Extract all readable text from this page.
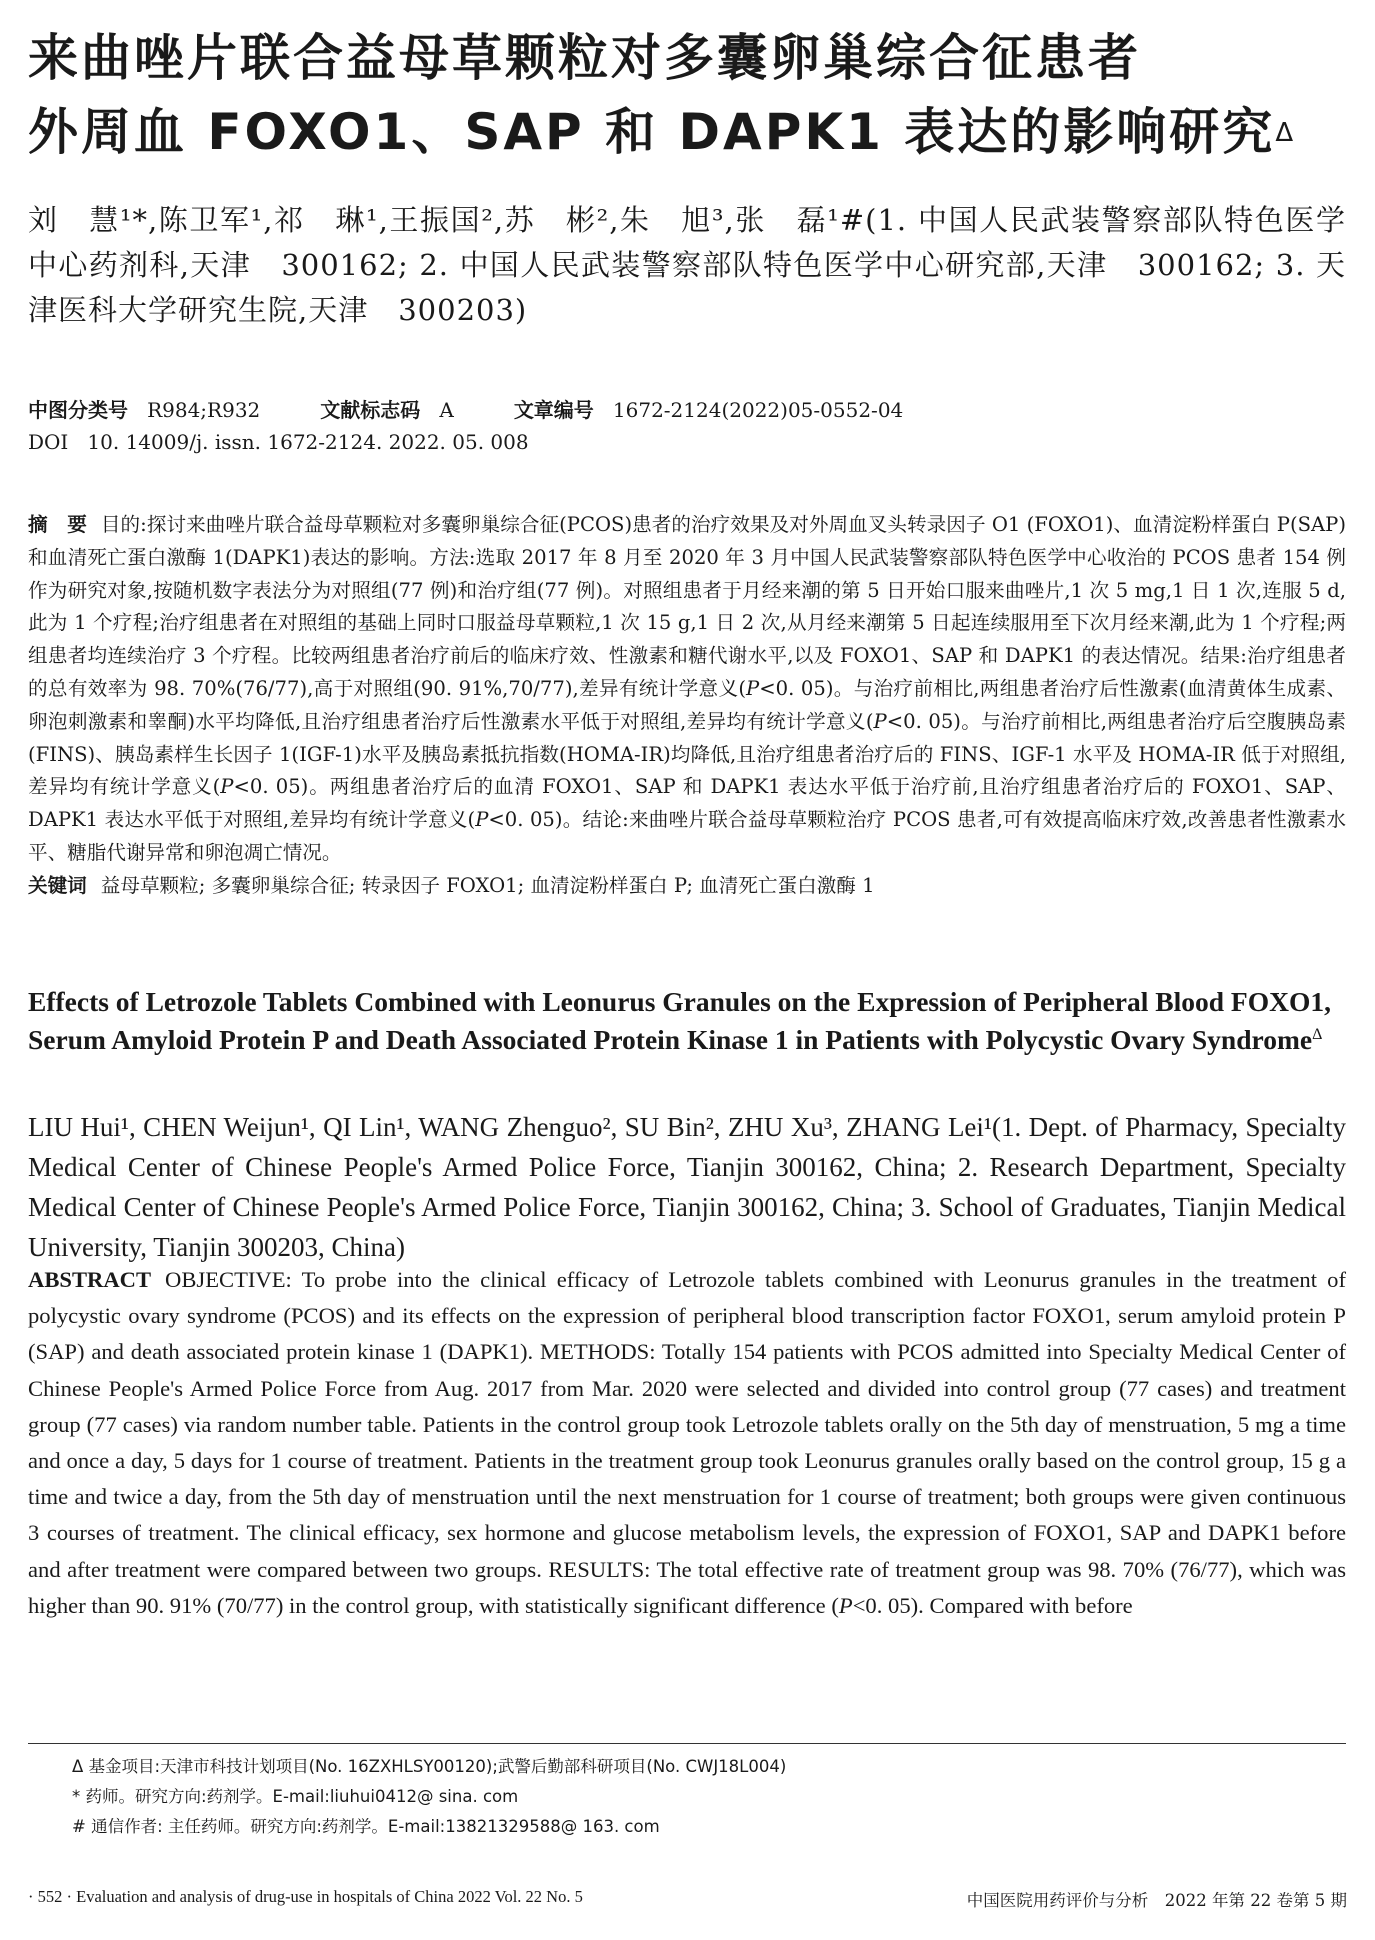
来曲唑片联合益母草颗粒对多囊卵巢综合征患者
外周血 FOXO1、SAP 和 DAPK1 表达的影响研究$^\Delta$
刘　慧¹*,陈卫军¹,祁　琳¹,王振国²,苏　彬²,朱　旭³,张　磊¹#(1. 中国人民武装警察部队特色医学中心药剂科,天津　300162; 2. 中国人民武装警察部队特色医学中心研究部,天津　300162; 3. 天津医科大学研究生院,天津　300203)
中图分类号 R984;R932	文献标志码 A	文章编号 1672-2124(2022)05-0552-04
DOI 10. 14009/j. issn. 1672-2124. 2022. 05. 008
摘　要 目的:探讨来曲唑片联合益母草颗粒对多囊卵巢综合征(PCOS)患者的治疗效果及对外周血叉头转录因子 O1 (FOXO1)、血清淀粉样蛋白 P(SAP)和血清死亡蛋白激酶 1(DAPK1)表达的影响。方法:选取 2017 年 8 月至 2020 年 3 月中国人民武装警察部队特色医学中心收治的 PCOS 患者 154 例作为研究对象,按随机数字表法分为对照组(77 例)和治疗组(77 例)。对照组患者于月经来潮的第 5 日开始口服来曲唑片,1 次 5 mg,1 日 1 次,连服 5 d,此为 1 个疗程;治疗组患者在对照组的基础上同时口服益母草颗粒,1 次 15 g,1 日 2 次,从月经来潮第 5 日起连续服用至下次月经来潮,此为 1 个疗程;两组患者均连续治疗 3 个疗程。比较两组患者治疗前后的临床疗效、性激素和糖代谢水平,以及 FOXO1、SAP 和 DAPK1 的表达情况。结果:治疗组患者的总有效率为 98. 70%(76/77),高于对照组(90. 91%,70/77),差异有统计学意义(P<0. 05)。与治疗前相比,两组患者治疗后性激素(血清黄体生成素、卵泡刺激素和睾酮)水平均降低,且治疗组患者治疗后性激素水平低于对照组,差异均有统计学意义(P<0. 05)。与治疗前相比,两组患者治疗后空腹胰岛素(FINS)、胰岛素样生长因子 1(IGF-1)水平及胰岛素抵抗指数(HOMA-IR)均降低,且治疗组患者治疗后的 FINS、IGF-1 水平及 HOMA-IR 低于对照组,差异均有统计学意义(P<0. 05)。两组患者治疗后的血清 FOXO1、SAP 和 DAPK1 表达水平低于治疗前,且治疗组患者治疗后的 FOXO1、SAP、DAPK1 表达水平低于对照组,差异均有统计学意义(P<0. 05)。结论:来曲唑片联合益母草颗粒治疗 PCOS 患者,可有效提高临床疗效,改善患者性激素水平、糖脂代谢异常和卵泡凋亡情况。
关键词 益母草颗粒; 多囊卵巢综合征; 转录因子 FOXO1; 血清淀粉样蛋白 P; 血清死亡蛋白激酶 1
Effects of Letrozole Tablets Combined with Leonurus Granules on the Expression of Peripheral Blood FOXO1, Serum Amyloid Protein P and Death Associated Protein Kinase 1 in Patients with Polycystic Ovary Syndrome$^\Delta$
LIU Hui¹, CHEN Weijun¹, QI Lin¹, WANG Zhenguo², SU Bin², ZHU Xu³, ZHANG Lei¹(1. Dept. of Pharmacy, Specialty Medical Center of Chinese People's Armed Police Force, Tianjin 300162, China; 2. Research Department, Specialty Medical Center of Chinese People's Armed Police Force, Tianjin 300162, China; 3. School of Graduates, Tianjin Medical University, Tianjin 300203, China)
ABSTRACT OBJECTIVE: To probe into the clinical efficacy of Letrozole tablets combined with Leonurus granules in the treatment of polycystic ovary syndrome (PCOS) and its effects on the expression of peripheral blood transcription factor FOXO1, serum amyloid protein P (SAP) and death associated protein kinase 1 (DAPK1). METHODS: Totally 154 patients with PCOS admitted into Specialty Medical Center of Chinese People's Armed Police Force from Aug. 2017 from Mar. 2020 were selected and divided into control group (77 cases) and treatment group (77 cases) via random number table. Patients in the control group took Letrozole tablets orally on the 5th day of menstruation, 5 mg a time and once a day, 5 days for 1 course of treatment. Patients in the treatment group took Leonurus granules orally based on the control group, 15 g a time and twice a day, from the 5th day of menstruation until the next menstruation for 1 course of treatment; both groups were given continuous 3 courses of treatment. The clinical efficacy, sex hormone and glucose metabolism levels, the expression of FOXO1, SAP and DAPK1 before and after treatment were compared between two groups. RESULTS: The total effective rate of treatment group was 98. 70% (76/77), which was higher than 90. 91% (70/77) in the control group, with statistically significant difference (P<0. 05). Compared with before
Δ 基金项目:天津市科技计划项目(No. 16ZXHLSY00120);武警后勤部科研项目(No. CWJ18L004)
* 药师。研究方向:药剂学。E-mail:liuhui0412@ sina. com
# 通信作者: 主任药师。研究方向:药剂学。E-mail:13821329588@ 163. com
· 552 · Evaluation and analysis of drug-use in hospitals of China 2022 Vol. 22 No. 5	中国医院用药评价与分析　2022 年第 22 卷第 5 期
